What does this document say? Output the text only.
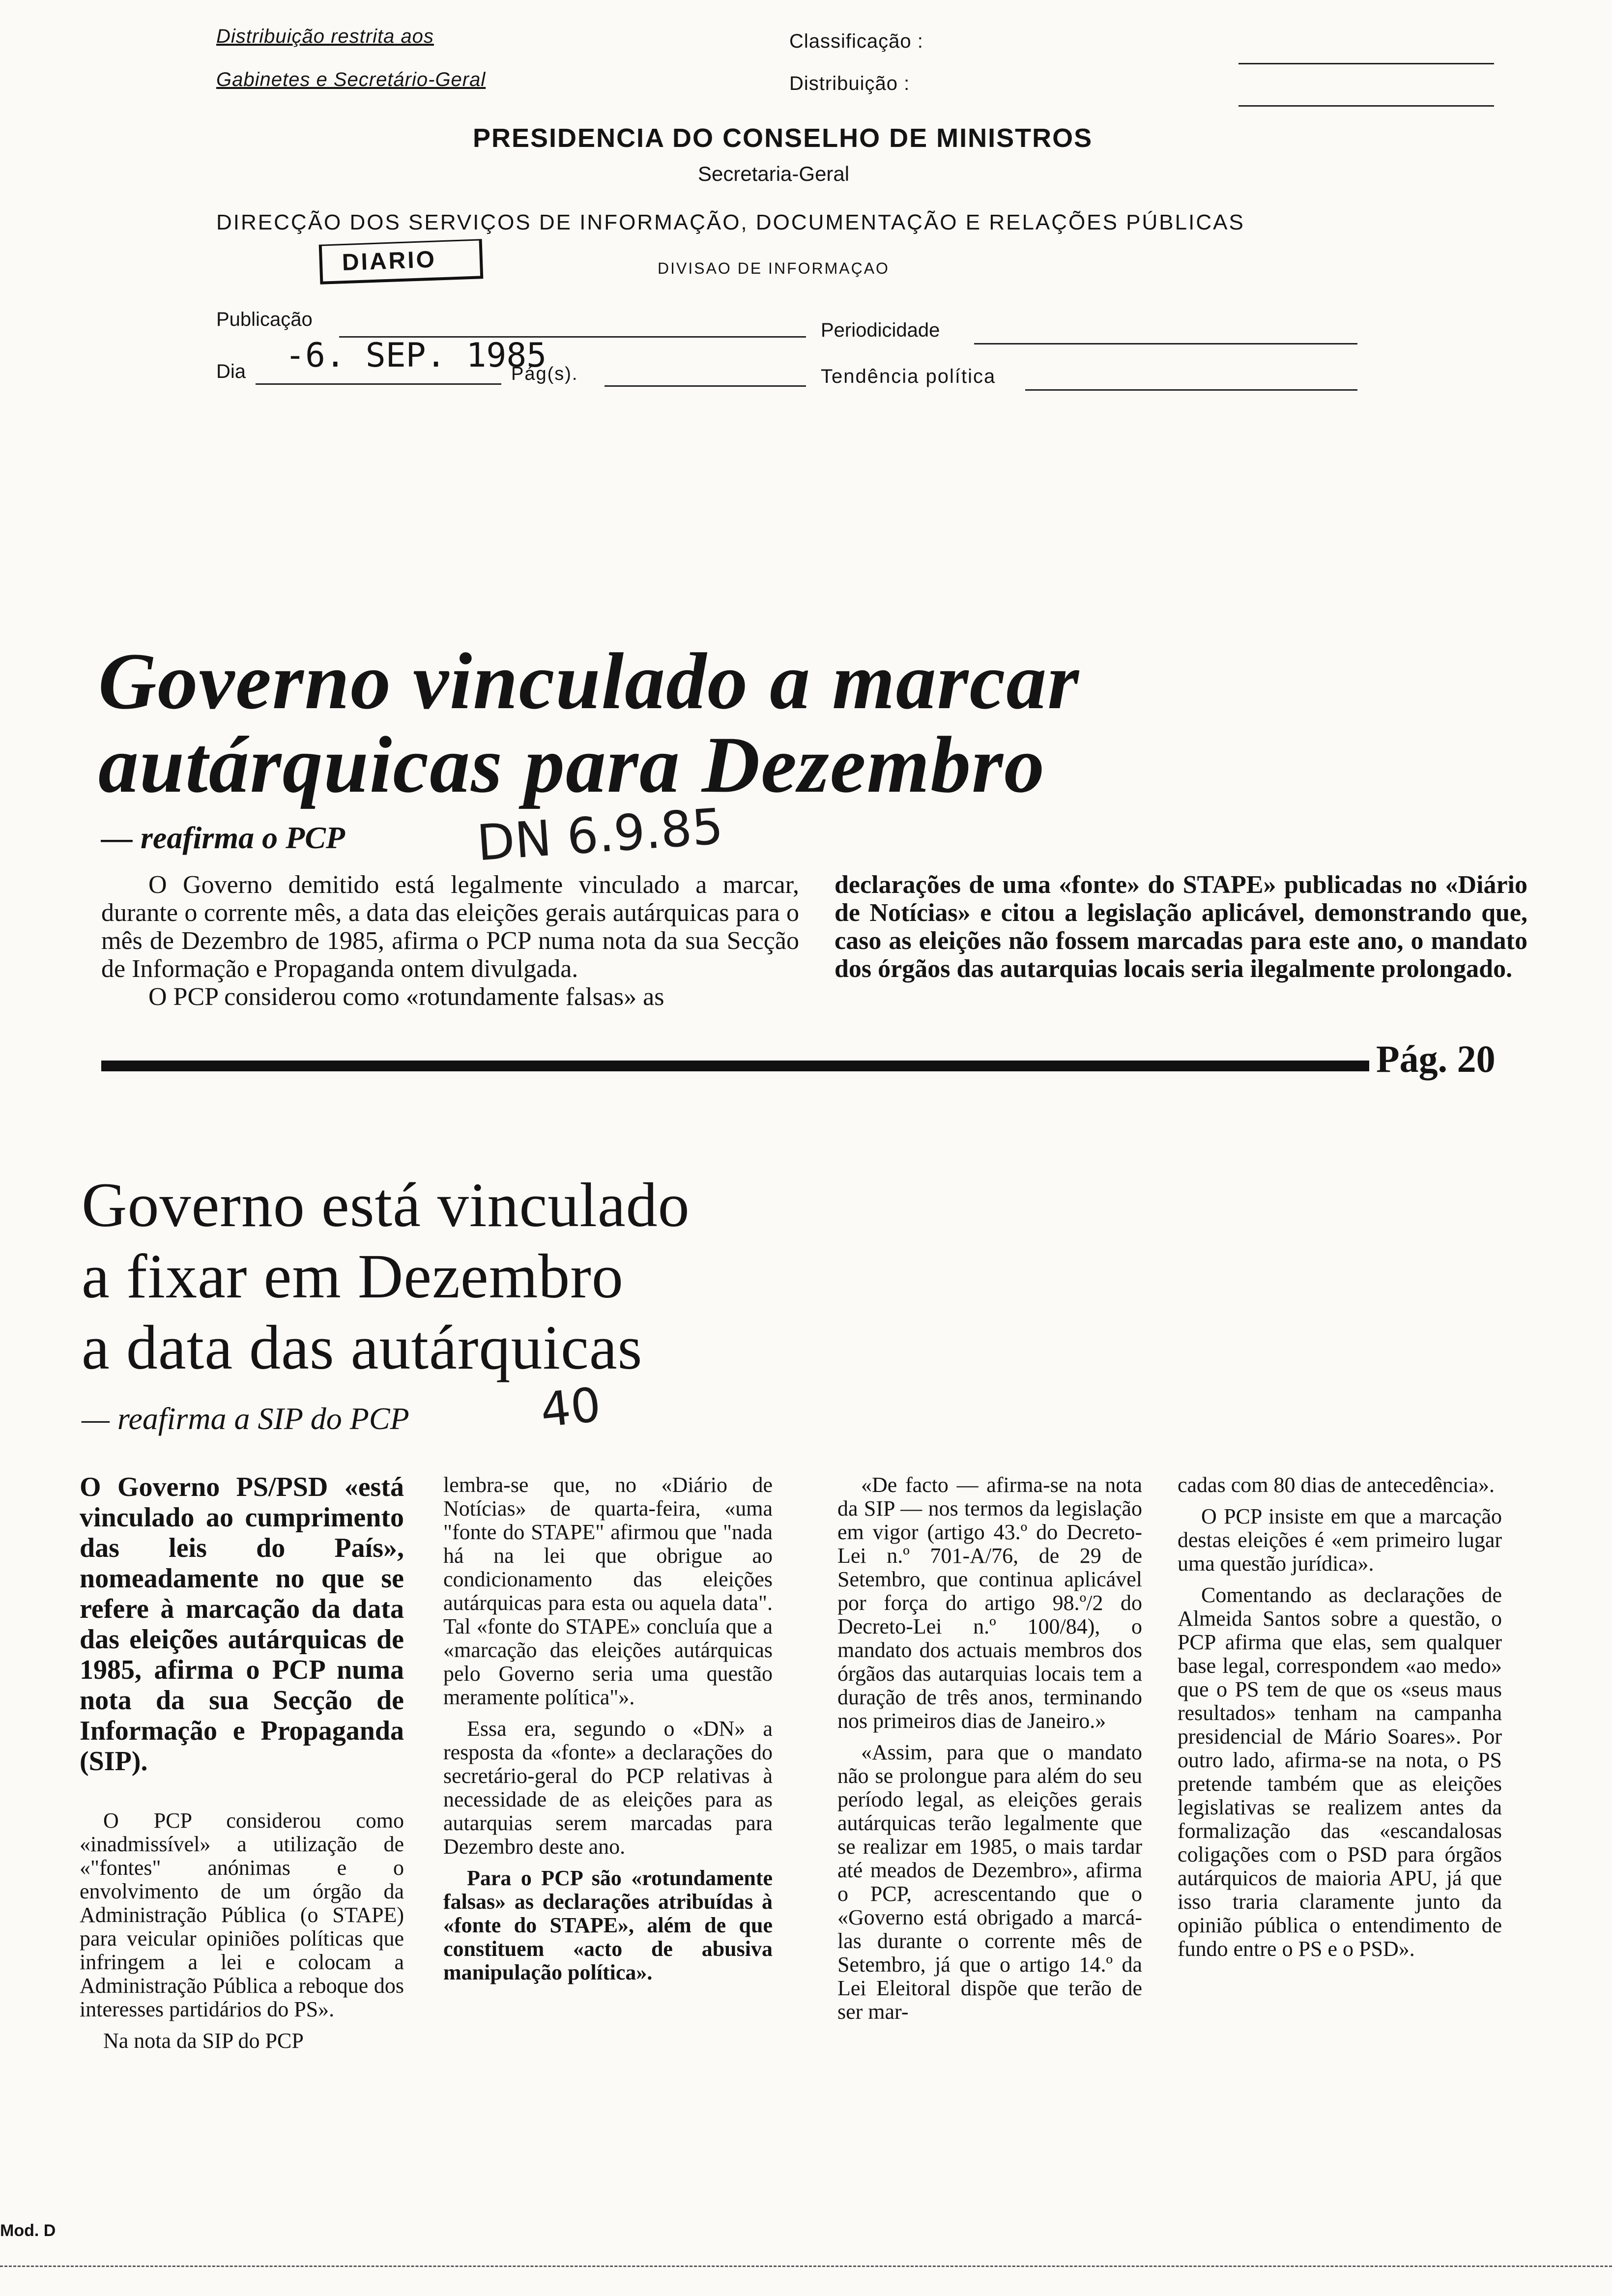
Distribuição restrita aos
Gabinetes e Secretário-Geral
Classificação :
Distribuição :
PRESIDENCIA DO CONSELHO DE MINISTROS
Secretaria-Geral
DIRECÇÃO DOS SERVIÇOS DE INFORMAÇÃO, DOCUMENTAÇÃO E RELAÇÕES PÚBLICAS
DIARIO	DIVISAO DE INFORMAÇAO
Publicação	Periodicidade
Dia -6. SEP. 1985
Pág(s).	Tendência política
Governo vinculado a marcar
autárquicas para Dezembro
— reafirma o PCP	DN 6.9.85
O Governo demitido está legalmente vinculado a marcar, durante o corrente mês, a data das eleições gerais autárquicas para o mês de Dezembro de 1985, afirma o PCP numa nota da sua Secção de Informação e Propaganda ontem divulgada.
O PCP considerou como «rotundamente falsas» as
declarações de uma «fonte» do STAPE» publicadas no «Diário de Notícias» e citou a legislação aplicável, demonstrando que, caso as eleições não fossem marcadas para este ano, o mandato dos órgãos das autarquias locais seria ilegalmente prolongado.
Pág. 20
Governo está vinculado
a fixar em Dezembro
a data das autárquicas
— reafirma a SIP do PCP	40

O Governo PS/PSD «está vinculado ao cumprimento das leis do País», nomeadamente no que se refere à marcação da data das eleições autárquicas de 1985, afirma o PCP numa nota da sua Secção de Informação e Propaganda (SIP).

O PCP considerou como «inadmissível» a utilização de «"fontes" anónimas e o envolvimento de um órgão da Administração Pública (o STAPE) para veicular opiniões políticas que infringem a lei e colocam a Administração Pública a reboque dos interesses partidários do PS».

Na nota da SIP do PCP

lembra-se que, no «Diário de Notícias» de quarta-feira, «uma "fonte do STAPE" afirmou que "nada há na lei que obrigue ao condicionamento das eleições autárquicas para esta ou aquela data". Tal «fonte do STAPE» concluía que a «marcação das eleições autárquicas pelo Governo seria uma questão meramente política"».

Essa era, segundo o «DN» a resposta da «fonte» a declarações do secretário-geral do PCP relativas à necessidade de as eleições para as autarquias serem marcadas para Dezembro deste ano.

Para o PCP são «rotundamente falsas» as declarações atribuídas à «fonte do STAPE», além de que constituem «acto de abusiva manipulação política».

«De facto — afirma-se na nota da SIP — nos termos da legislação em vigor (artigo 43.º do Decreto-Lei n.º 701-A/76, de 29 de Setembro, que continua aplicável por força do artigo 98.º/2 do Decreto-Lei n.º 100/84), o mandato dos actuais membros dos órgãos das autarquias locais tem a duração de três anos, terminando nos primeiros dias de Janeiro.»

«Assim, para que o mandato não se prolongue para além do seu período legal, as eleições gerais autárquicas terão legalmente que se realizar em 1985, o mais tardar até meados de Dezembro», afirma o PCP, acrescentando que o «Governo está obrigado a marcá-las durante o corrente mês de Setembro, já que o artigo 14.º da Lei Eleitoral dispõe que terão de ser mar-

cadas com 80 dias de antecedência».

O PCP insiste em que a marcação destas eleições é «em primeiro lugar uma questão jurídica».

Comentando as declarações de Almeida Santos sobre a questão, o PCP afirma que elas, sem qualquer base legal, correspondem «ao medo» que o PS tem de que os «seus maus resultados» tenham na campanha presidencial de Mário Soares». Por outro lado, afirma-se na nota, o PS pretende também que as eleições legislativas se realizem antes da formalização das «escandalosas coligações com o PSD para órgãos autárquicos de maioria APU, já que isso traria claramente junto da opinião pública o entendimento de fundo entre o PS e o PSD».

Mod. D
